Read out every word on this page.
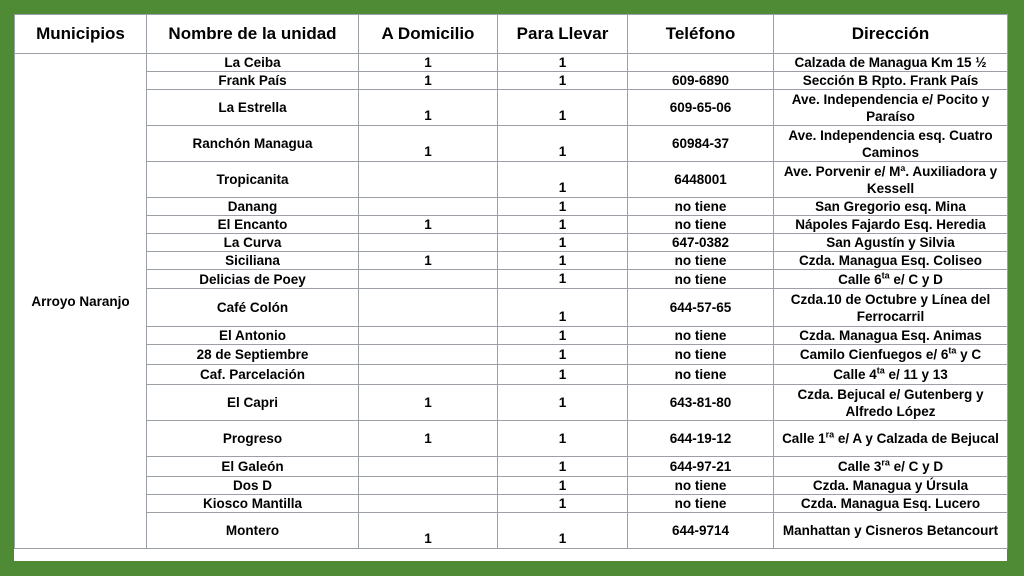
Municipios	Nombre de la unidad	A Domicilio	Para Llevar	Teléfono	Dirección
Arroyo Naranjo	La Ceiba	1	1		Calzada de Managua Km 15 ½
	Frank País	1	1	609-6890	Sección B Rpto. Frank País
	La Estrella	1	1	609-65-06	Ave. Independencia e/ Pocito y Paraíso
	Ranchón Managua	1	1	60984-37	Ave. Independencia esq. Cuatro Caminos
	Tropicanita		1	6448001	Ave. Porvenir e/ Mª. Auxiliadora y Kessell
	Danang		1	no tiene	San Gregorio esq. Mina
	El Encanto	1	1	no tiene	Nápoles Fajardo Esq. Heredia
	La Curva		1	647-0382	San Agustín y Silvia
	Siciliana	1	1	no tiene	Czda. Managua Esq. Coliseo
	Delicias de Poey		1	no tiene	Calle $6^{ta}$ e/ C y D
	Café Colón		1	644-57-65	Czda.10 de Octubre y Línea del Ferrocarril
	El Antonio		1	no tiene	Czda. Managua Esq. Animas
	28 de Septiembre		1	no tiene	Camilo Cienfuegos e/ $6^{ta}$ y C
	Caf. Parcelación		1	no tiene	Calle $4^{ta}$ e/ 11 y 13
	El Capri	1	1	643-81-80	Czda. Bejucal e/ Gutenberg y Alfredo López
	Progreso	1	1	644-19-12	Calle $1^{ra}$ e/ A y Calzada de Bejucal
	El Galeón		1	644-97-21	Calle $3^{ra}$ e/ C y D
	Dos D		1	no tiene	Czda. Managua y Úrsula
	Kiosco Mantilla		1	no tiene	Czda. Managua Esq. Lucero
	Montero	1	1	644-9714	Manhattan y Cisneros Betancourt
